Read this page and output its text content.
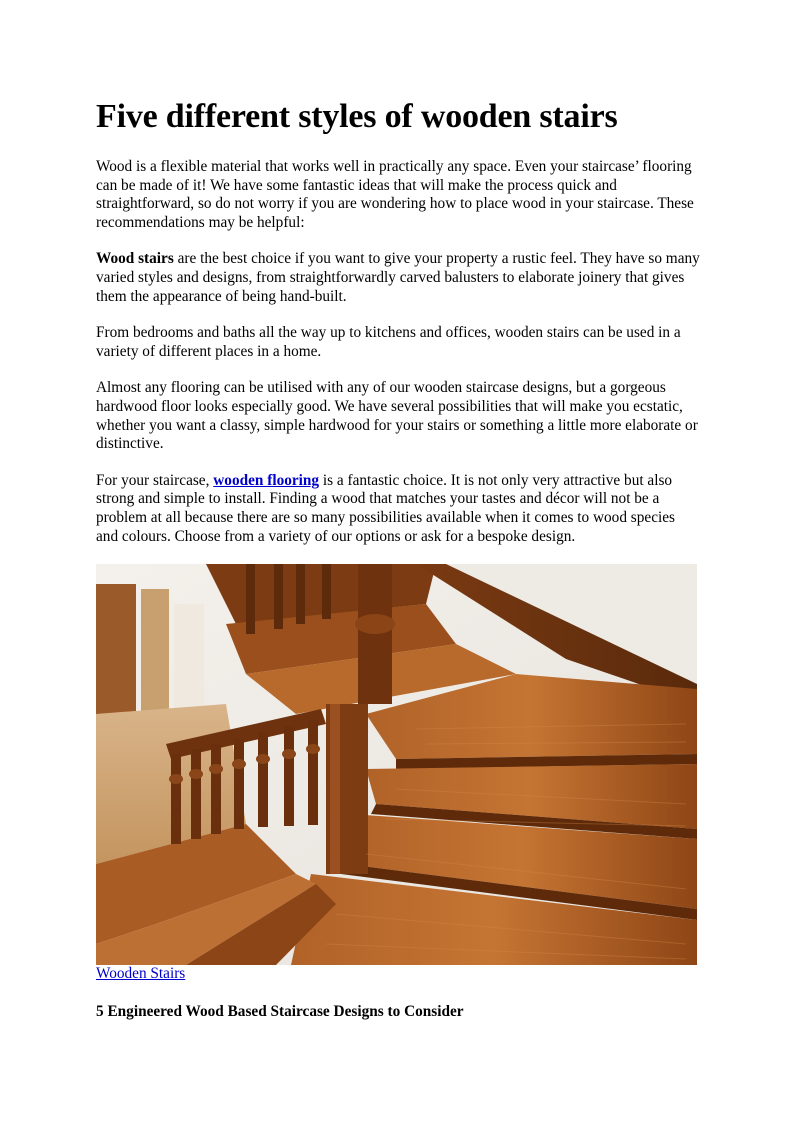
Five different styles of wooden stairs

Wood is a flexible material that works well in practically any space. Even your staircase’ flooring can be made of it! We have some fantastic ideas that will make the process quick and straightforward, so do not worry if you are wondering how to place wood in your staircase. These recommendations may be helpful:

Wood stairs are the best choice if you want to give your property a rustic feel. They have so many varied styles and designs, from straightforwardly carved balusters to elaborate joinery that gives them the appearance of being hand-built.

From bedrooms and baths all the way up to kitchens and offices, wooden stairs can be used in a variety of different places in a home.

Almost any flooring can be utilised with any of our wooden staircase designs, but a gorgeous hardwood floor looks especially good. We have several possibilities that will make you ecstatic, whether you want a classy, simple hardwood for your stairs or something a little more elaborate or distinctive.

For your staircase, wooden flooring is a fantastic choice. It is not only very attractive but also strong and simple to install. Finding a wood that matches your tastes and décor will not be a problem at all because there are so many possibilities available when it comes to wood species and colours. Choose from a variety of our options or ask for a bespoke design.

Wooden Stairs
5 Engineered Wood Based Staircase Designs to Consider
